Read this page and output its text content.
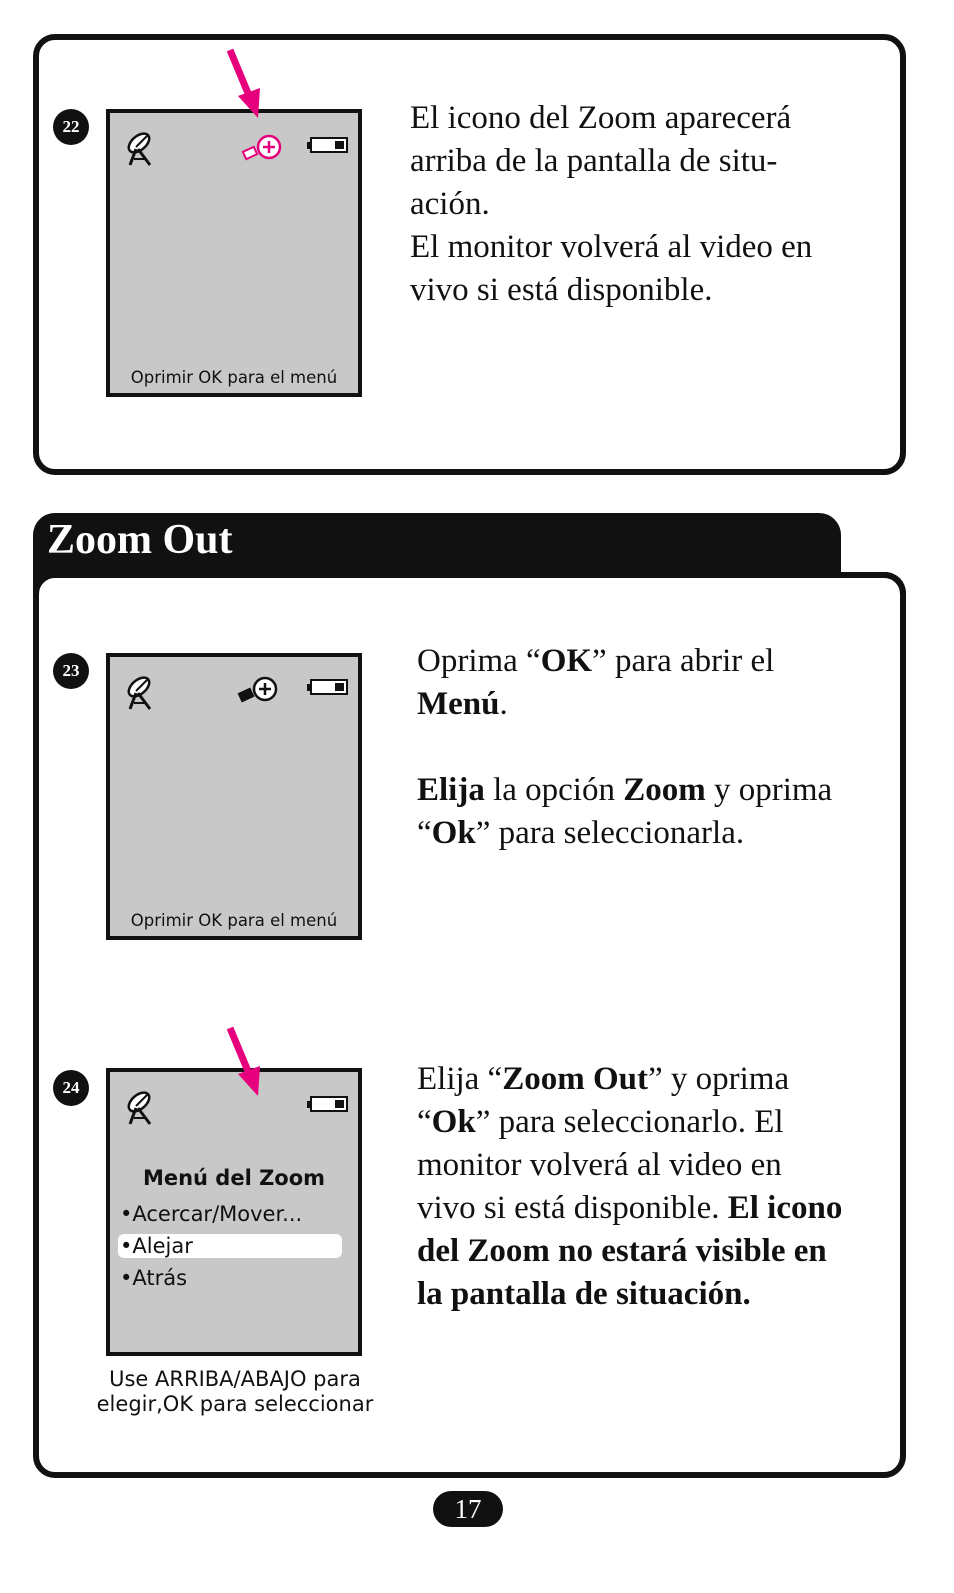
Zoom Out
22
Oprimir OK para el menú
El icono del Zoom aparecerá
arriba de la pantalla de situ-
ación.
El monitor volverá al video en
vivo si está disponible.
23
Oprimir OK para el menú
Oprima “OK” para abrir el
Menú.
Elija la opción Zoom y oprima
“Ok” para seleccionarla.
24
Menú del Zoom
•Acercar/Mover...
•Alejar
•Atrás
Use ARRIBA/ABAJO para
elegir,OK para seleccionar
Elija “Zoom Out” y oprima
“Ok” para seleccionarlo. El
monitor volverá al video en
vivo si está disponible. El icono
del Zoom no estará visible en
la pantalla de situación.
17
